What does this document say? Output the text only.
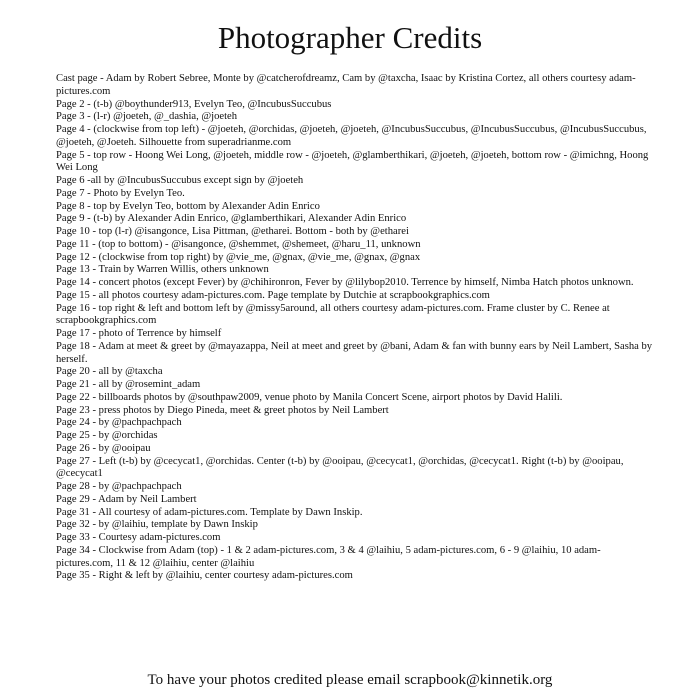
Photographer Credits

Cast page - Adam by Robert Sebree, Monte by @catcherofdreamz, Cam by @taxcha, Isaac by Kristina Cortez, all others courtesy adam-pictures.com

Page 2 - (t-b) @boythunder913, Evelyn Teo, @IncubusSuccubus

Page 3 - (l-r) @joeteh, @_dashia, @joeteh

Page 4 - (clockwise from top left) - @joeteh, @orchidas, @joeteh, @joeteh, @IncubusSuccubus, @IncubusSuccubus, @IncubusSuccubus, @joeteh, @Joeteh. Silhouette from superadrianme.com

Page 5 - top row - Hoong Wei Long, @joeteh, middle row - @joeteh, @glamberthikari, @joeteh, @joeteh, bottom row - @imichng, Hoong Wei Long

Page 6 -all by @IncubusSuccubus except sign by @joeteh

Page 7 - Photo by Evelyn Teo.

Page 8 - top by Evelyn Teo, bottom by Alexander Adin Enrico

Page 9 - (t-b) by Alexander Adin Enrico, @glamberthikari, Alexander Adin Enrico

Page 10 - top (l-r) @isangonce, Lisa Pittman, @etharei. Bottom - both by @etharei

Page 11 - (top to bottom) - @isangonce, @shemmet, @shemeet, @haru_11, unknown

Page 12 - (clockwise from top right) by @vie_me, @gnax, @vie_me, @gnax, @gnax

Page 13 - Train by Warren Willis, others unknown

Page 14 - concert photos (except Fever) by @chihironron, Fever by @lilybop2010. Terrence by himself, Nimba Hatch photos unknown.

Page 15 - all photos courtesy adam-pictures.com. Page template by Dutchie at scrapbookgraphics.com

Page 16 - top right & left and bottom left by @missy5around, all others courtesy adam-pictures.com. Frame cluster by C. Renee at scrapbookgraphics.com

Page 17 - photo of Terrence by himself

Page 18 - Adam at meet & greet by @mayazappa, Neil at meet and greet by @bani, Adam & fan with bunny ears by Neil Lambert, Sasha by herself.

Page 20 - all by @taxcha

Page 21 - all by @rosemint_adam

Page 22 - billboards photos by @southpaw2009, venue photo by Manila Concert Scene, airport photos by David Halili.

Page 23 - press photos by Diego Pineda, meet & greet photos by Neil Lambert

Page 24 - by @pachpachpach

Page 25 - by @orchidas

Page 26 - by @ooipau

Page 27 - Left (t-b) by @cecycat1, @orchidas. Center (t-b) by @ooipau, @cecycat1, @orchidas, @cecycat1. Right (t-b) by @ooipau, @cecycat1

Page 28 - by @pachpachpach

Page 29 - Adam by Neil Lambert

Page 31 - All courtesy of adam-pictures.com. Template by Dawn Inskip.

Page 32 - by @laihiu, template by Dawn Inskip

Page 33 - Courtesy adam-pictures.com

Page 34 - Clockwise from Adam (top) - 1 & 2 adam-pictures.com, 3 & 4 @laihiu, 5 adam-pictures.com, 6 - 9 @laihiu, 10 adam-pictures.com, 11 & 12 @laihiu, center @laihiu

Page 35 - Right & left by @laihiu, center courtesy adam-pictures.com

To have your photos credited please email scrapbook@kinnetik.org
